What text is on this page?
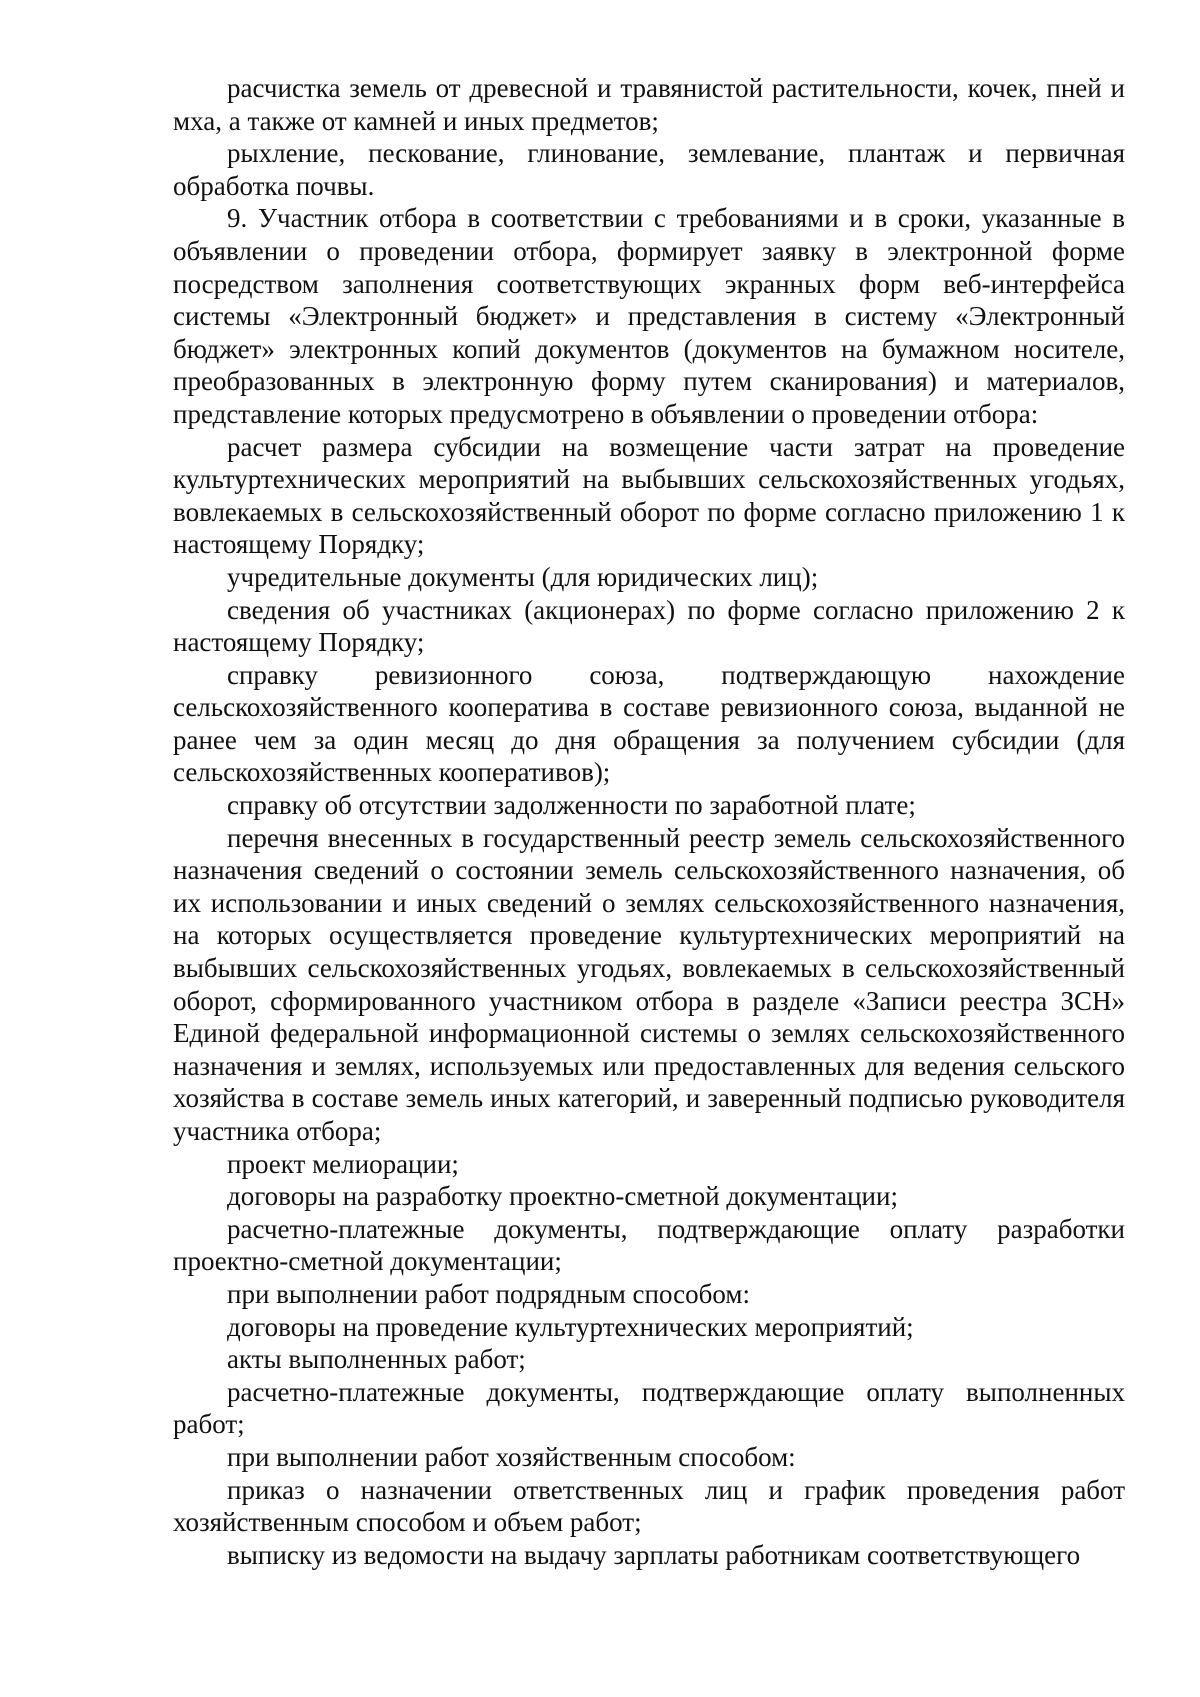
расчистка земель от древесной и травянистой растительности, кочек, пней и мха, а также от камней и иных предметов;

рыхление, пескование, глинование, землевание, плантаж и первичная обработка почвы.

9. Участник отбора в соответствии с требованиями и в сроки, указанные в объявлении о проведении отбора, формирует заявку в электронной форме посредством заполнения соответствующих экранных форм веб-интерфейса системы «Электронный бюджет» и представления в систему «Электронный бюджет» электронных копий документов (документов на бумажном носителе, преобразованных в электронную форму путем сканирования) и материалов, представление которых предусмотрено в объявлении о проведении отбора:

расчет размера субсидии на возмещение части затрат на проведение культуртехнических мероприятий на выбывших сельскохозяйственных угодьях, вовлекаемых в сельскохозяйственный оборот по форме согласно приложению 1 к настоящему Порядку;

учредительные документы (для юридических лиц);

сведения об участниках (акционерах) по форме согласно приложению 2 к настоящему Порядку;

справку ревизионного союза, подтверждающую нахождение сельскохозяйственного кооператива в составе ревизионного союза, выданной не ранее чем за один месяц до дня обращения за получением субсидии (для сельскохозяйственных кооперативов);

справку об отсутствии задолженности по заработной плате;

перечня внесенных в государственный реестр земель сельскохозяйственного назначения сведений о состоянии земель сельскохозяйственного назначения, об их использовании и иных сведений о землях сельскохозяйственного назначения, на которых осуществляется проведение культуртехнических мероприятий на выбывших сельскохозяйственных угодьях, вовлекаемых в сельскохозяйственный оборот, сформированного участником отбора в разделе «Записи реестра ЗСН» Единой федеральной информационной системы о землях сельскохозяйственного назначения и землях, используемых или предоставленных для ведения сельского хозяйства в составе земель иных категорий, и заверенный подписью руководителя участника отбора;

проект мелиорации;

договоры на разработку проектно-сметной документации;

расчетно-платежные документы, подтверждающие оплату разработки проектно-сметной документации;

при выполнении работ подрядным способом:

договоры на проведение культуртехнических мероприятий;

акты выполненных работ;

расчетно-платежные документы, подтверждающие оплату выполненных работ;

при выполнении работ хозяйственным способом:

приказ о назначении ответственных лиц и график проведения работ хозяйственным способом и объем работ;

выписку из ведомости на выдачу зарплаты работникам соответствующего
